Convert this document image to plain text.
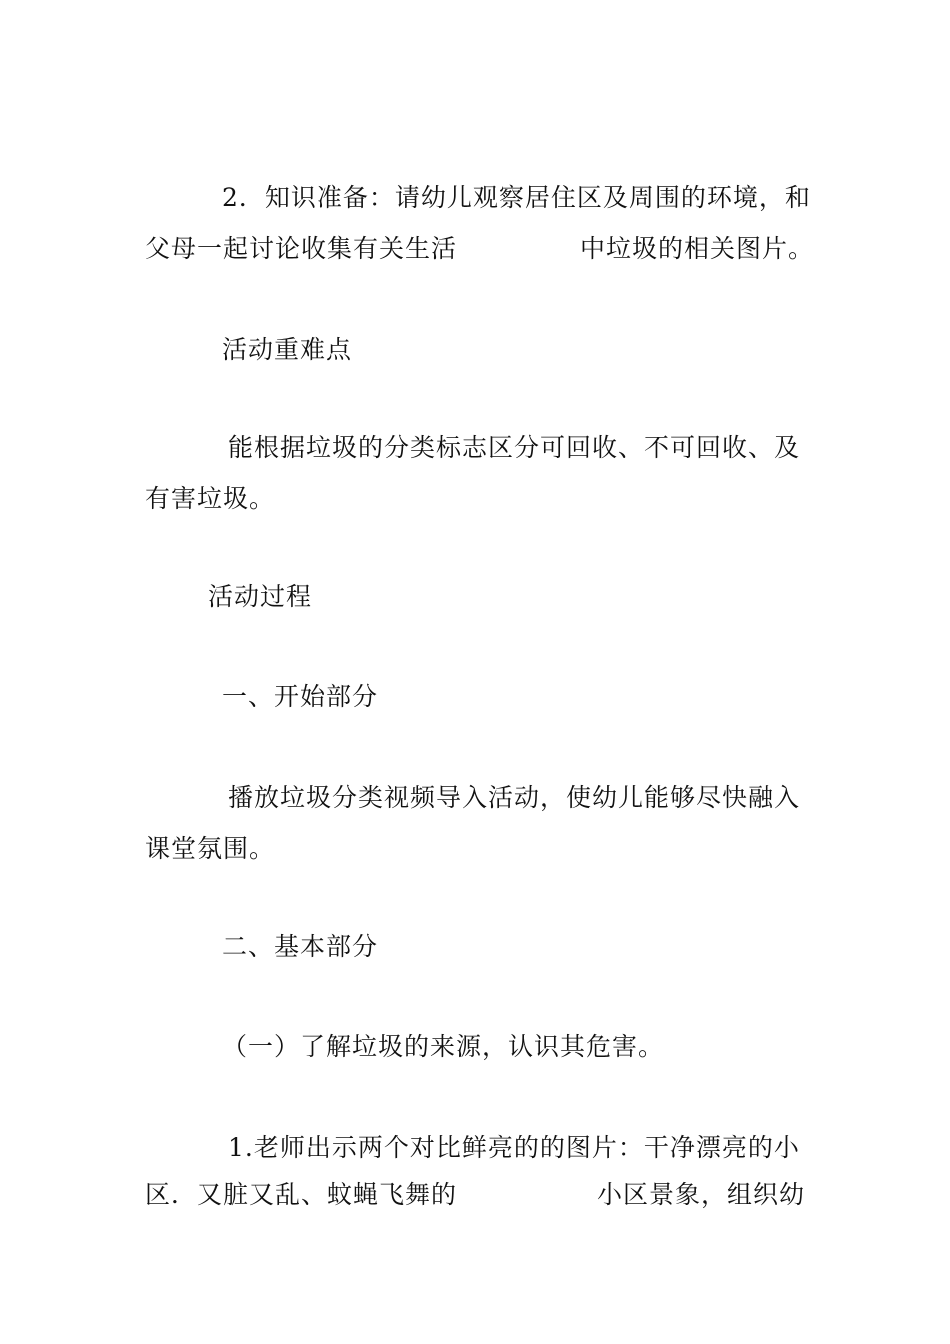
2．知识准备：请幼儿观察居住区及周围的环境，和
父母一起讨论收集有关生活	中垃圾的相关图片。
活动重难点
能根据垃圾的分类标志区分可回收、不可回收、及
有害垃圾。
活动过程
一、开始部分
播放垃圾分类视频导入活动，使幼儿能够尽快融入
课堂氛围。
二、基本部分
（一）了解垃圾的来源，认识其危害。
1.老师出示两个对比鲜亮的的图片：干净漂亮的小
区．又脏又乱、蚊蝇飞舞的	小区景象，组织幼
